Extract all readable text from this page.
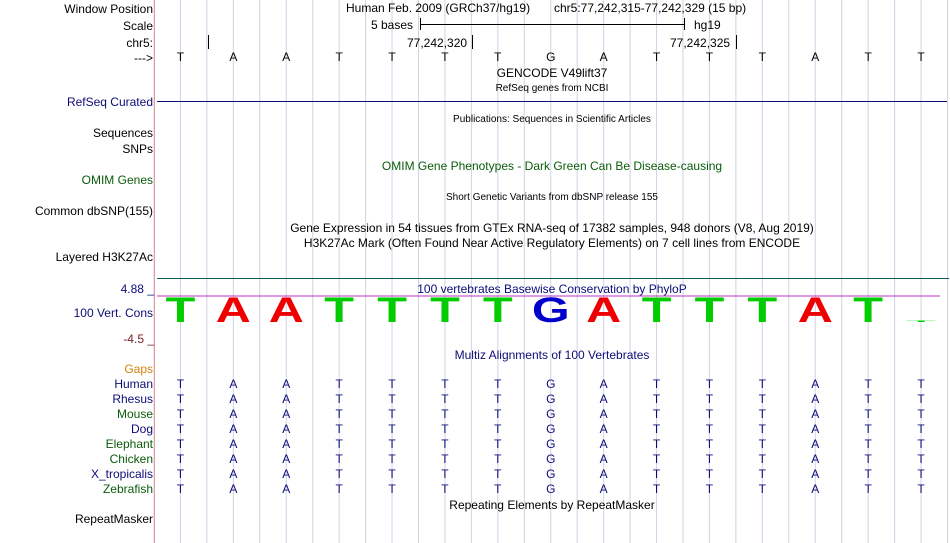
Window Position
Scale
chr5:
--->
Human Feb. 2009 (GRCh37/hg19) chr5:77,242,315-77,242,329 (15 bp)
5 bases	hg19
77,242,320	77,242,325
T	A	A	T	T	T	T	G	A	T	T	T	A	T	T
GENCODE V49lift37
RefSeq genes from NCBI
RefSeq Curated
Publications: Sequences in Scientific Articles
Sequences
SNPs
OMIM Gene Phenotypes - Dark Green Can Be Disease-causing
OMIM Genes
Short Genetic Variants from dbSNP release 155
Common dbSNP(155)
Gene Expression in 54 tissues from GTEx RNA-seq of 17382 samples, 948 donors (V8, Aug 2019)
H3K27Ac Mark (Often Found Near Active Regulatory Elements) on 7 cell lines from ENCODE
Layered H3K27Ac
100 vertebrates Basewise Conservation by PhyloP
4.88 _
100 Vert. Cons
-4.5 _
T A A T T T T G A T T T A T T
Multiz Alignments of 100 Vertebrates
Gaps
Human	T	A	A	T	T	T	T	G	A	T	T	T	A	T	T
Rhesus	T	A	A	T	T	T	T	G	A	T	T	T	A	T	T
Mouse	T	A	A	T	T	T	T	G	A	T	T	T	A	T	T
Dog	T	A	A	T	T	T	T	G	A	T	T	T	A	T	T
Elephant	T	A	A	T	T	T	T	G	A	T	T	T	A	T	T
Chicken	T	A	A	T	T	T	T	G	A	T	T	T	A	T	T
X_tropicalis	T	A	A	T	T	T	T	G	A	T	T	T	A	T	T
Zebrafish	T	A	A	T	T	T	T	G	A	T	T	T	A	T	T
Repeating Elements by RepeatMasker
RepeatMasker
